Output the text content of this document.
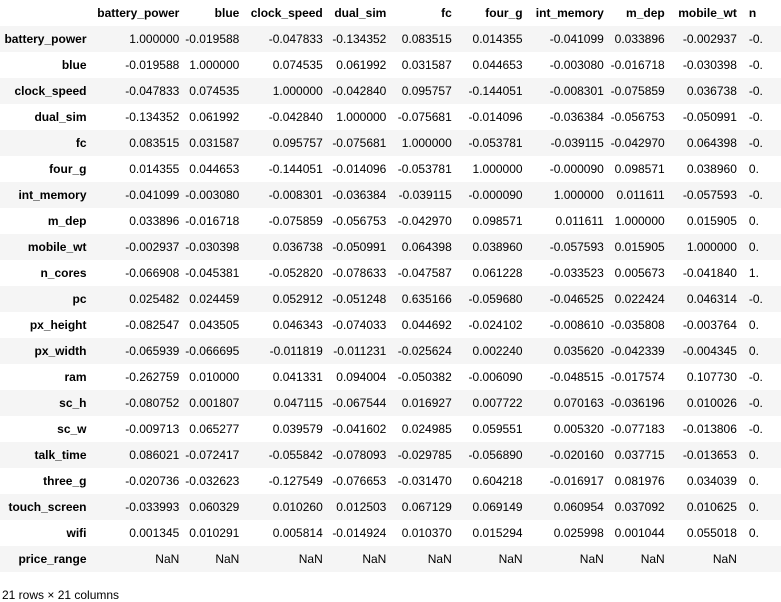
	battery_power	blue	clock_speed	dual_sim	fc	four_g	int_memory	m_dep	mobile_wt	n
battery_power	1.000000	-0.019588	-0.047833	-0.134352	0.083515	0.014355	-0.041099	0.033896	-0.002937	-0.
blue	-0.019588	1.000000	0.074535	0.061992	0.031587	0.044653	-0.003080	-0.016718	-0.030398	-0.
clock_speed	-0.047833	0.074535	1.000000	-0.042840	0.095757	-0.144051	-0.008301	-0.075859	0.036738	-0.
dual_sim	-0.134352	0.061992	-0.042840	1.000000	-0.075681	-0.014096	-0.036384	-0.056753	-0.050991	-0.
fc	0.083515	0.031587	0.095757	-0.075681	1.000000	-0.053781	-0.039115	-0.042970	0.064398	-0.
four_g	0.014355	0.044653	-0.144051	-0.014096	-0.053781	1.000000	-0.000090	0.098571	0.038960	0.
int_memory	-0.041099	-0.003080	-0.008301	-0.036384	-0.039115	-0.000090	1.000000	0.011611	-0.057593	-0.
m_dep	0.033896	-0.016718	-0.075859	-0.056753	-0.042970	0.098571	0.011611	1.000000	0.015905	0.
mobile_wt	-0.002937	-0.030398	0.036738	-0.050991	0.064398	0.038960	-0.057593	0.015905	1.000000	0.
n_cores	-0.066908	-0.045381	-0.052820	-0.078633	-0.047587	0.061228	-0.033523	0.005673	-0.041840	1.
pc	0.025482	0.024459	0.052912	-0.051248	0.635166	-0.059680	-0.046525	0.022424	0.046314	-0.
px_height	-0.082547	0.043505	0.046343	-0.074033	0.044692	-0.024102	-0.008610	-0.035808	-0.003764	0.
px_width	-0.065939	-0.066695	-0.011819	-0.011231	-0.025624	0.002240	0.035620	-0.042339	-0.004345	0.
ram	-0.262759	0.010000	0.041331	0.094004	-0.050382	-0.006090	-0.048515	-0.017574	0.107730	-0.
sc_h	-0.080752	0.001807	0.047115	-0.067544	0.016927	0.007722	0.070163	-0.036196	0.010026	-0.
sc_w	-0.009713	0.065277	0.039579	-0.041602	0.024985	0.059551	0.005320	-0.077183	-0.013806	-0.
talk_time	0.086021	-0.072417	-0.055842	-0.078093	-0.029785	-0.056890	-0.020160	0.037715	-0.013653	0.
three_g	-0.020736	-0.032623	-0.127549	-0.076653	-0.031470	0.604218	-0.016917	0.081976	0.034039	0.
touch_screen	-0.033993	0.060329	0.010260	0.012503	0.067129	0.069149	0.060954	0.037092	0.010625	0.
wifi	0.001345	0.010291	0.005814	-0.014924	0.010370	0.015294	0.025998	0.001044	0.055018	0.
price_range	NaN	NaN	NaN	NaN	NaN	NaN	NaN	NaN	NaN	
21 rows × 21 columns
